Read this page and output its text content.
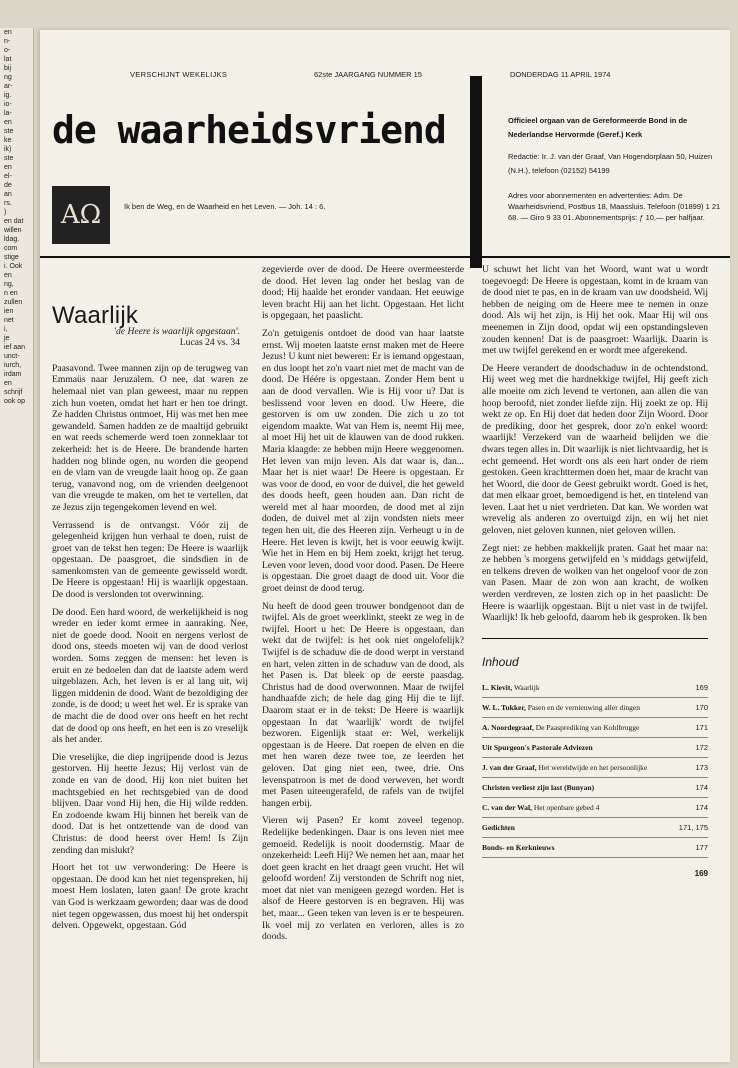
en
n-
o-
lat
bij
ng
ar-
ig.
io-
la-
en
ste
ke
ik)
ste
en
el-
de
an
rs.
)
en dat
willen
ldag.
com
stige
i. Ook
en
ng,
n en
zullen
ien
net
i,
je
ief aan
unct-
iurch,
irdam
en
schrijf
ook op
VERSCHIJNT WEKELIJKS	62ste JAARGANG NUMMER 15	DONDERDAG 11 APRIL 1974
de waarheidsvriend	Officieel orgaan van de Gereformeerde Bond in de Nederlandse Hervormde (Geref.) Kerk
Redactie: Ir. J. van der Graaf, Van Hogendorplaan 50, Huizen (N.H.), telefoon (02152) 54199
Adres voor abonnementen en advertenties: Adm. De Waarheidsvriend, Postbus 18, Maassluis. Telefoon (01899) 1 21 68. — Giro 9 33 01. Abonnementsprijs: ƒ 10,— per halfjaar.
AΩ	Ik ben de Weg, en de Waarheid en het Leven. — Joh. 14 : 6.
Waarlijk
'de Heere is waarlijk opgestaan'.
Lucas 24 vs. 34

Paasavond. Twee mannen zijn op de terugweg van Emmaüs naar Jeruzalem. O nee, dat waren ze helemaal niet van plan geweest, maar nu reppen zich hun voeten, omdat het hart er hen toe dringt. Ze hadden Christus ontmoet, Hij was met hen mee gewandeld. Samen hadden ze de maaltijd gebruikt en wat reeds schemerde werd toen zonneklaar tot zekerheid: het is de Heere. De brandende harten hadden nog blinde ogen, nu worden die geopend en de vlam van de vreugde laait hoog op. Ze gaan terug, vanavond nog, om de vrienden deelgenoot van die vreugde te maken, om het te vertellen, dat ze Jezus zijn tegengekomen levend en wel.

Verrassend is de ontvangst. Vóór zij de gelegenheid krijgen hun verhaal te doen, ruist de groet van de tekst hen tegen: De Heere is waarlijk opgestaan. De paasgroet, die sindsdien in de samenkomsten van de gemeente gewisseld wordt. De Heere is opgestaan! Hij is waarlijk opgestaan. De dood is verslonden tot overwinning.

De dood. Een hard woord, de werkelijkheid is nog wreder en ieder komt ermee in aanraking. Nee, niet de goede dood. Nooit en nergens verlost de dood ons, steeds moeten wij van de dood verlost worden. Soms zeggen de mensen: het leven is eruit en ze bedoelen dan dat de laatste adem werd uitgeblazen. Ach, het leven is er al lang uit, wij liggen middenin de dood. Want de bezoldiging der zonde, is de dood; u weet het wel. Er is sprake van de macht die de dood over ons heeft en het recht dat de dood op ons heeft, en het een is zo vreselijk als het ander.

Die vreselijke, die diep ingrijpende dood is Jezus gestorven. Hij heette Jezus; Hij verlost van de zonde en van de dood. Hij kon niet buiten het machtsgebied en het rechtsgebied van de dood blijven. Daar vond Hij hen, die Hij wilde redden. En zodoende kwam Hij binnen het bereik van de dood. Dat is het ontzettende van de dood van Christus: de dood heerst over Hem! Is Zijn zending dan mislukt?

Hoort het tot uw verwondering: De Heere is opgestaan. De dood kan het niet tegenspreken, hij moest Hem loslaten, laten gaan! De grote kracht van God is werkzaam geworden; daar was de dood niet tegen opgewassen, dus moest hij het onderspit delven. Opgewekt, opgestaan. Gód

zegevierde over de dood. De Heere overmeesterde de dood. Het leven lag onder het beslag van de dood; Hij haalde het eronder vandaan. Het eeuwige leven bracht Hij aan het licht. Opgestaan. Het licht is opgegaan, het paaslicht.

Zo'n getuigenis ontdoet de dood van haar laatste ernst. Wij moeten laatste ernst maken met de Heere Jezus! U kunt niet beweren: Er is iemand opgestaan, en dus loopt het zo'n vaart niet met de macht van de dood. De Héére is opgestaan. Zonder Hem bent u aan de dood vervallen. Wie is Hij voor u? Dat is beslissend voor leven en dood. Uw Heere, die gestorven is om uw zonden. Die zich u zo tot eigendom maakte. Wat van Hem is, neemt Hij mee, al moet Hij het uit de klauwen van de dood rukken. Maria klaagde: ze hebben mijn Heere weggenomen. Het leven van mijn leven. Als dat waar is, dan... Maar het is niet waar! De Heere is opgestaan. Er was voor de dood, en voor de duivel, die het geweld des doods heeft, geen houden aan. Dan richt de wereld met al haar moorden, de dood met al zijn doden, de duivel met al zijn vondsten niets meer tegen hen uit, die des Heeren zijn. Verheugt u in de Heere. Het leven is kwijt, het is voor eeuwig kwijt. Wie het in Hem en bij Hem zoekt, krijgt het terug. Leven voor leven, dood voor dood. Pasen. De Heere is opgestaan. Die groet daagt de dood uit. Voor die groet deinst de dood terug.

Nu heeft de dood geen trouwer bondgenoot dan de twijfel. Als de groet weerklinkt, steekt ze weg in de twijfel. Hoort u het: De Heere is opgestaan, dan wekt dat de twijfel: is het ook niet ongelofelijk? Twijfel is de schaduw die de dood werpt in verstand en hart, velen zitten in de schaduw van de dood, als het Pasen is. Dat bleek op de eerste paasdag. Christus had de dood overwonnen. Maar de twijfel handhaafde zich; de hele dag ging Hij die te lijf. Daarom staat er in de tekst: De Heere is waarlijk opgestaan In dat 'waarlijk' wordt de twijfel bezworen. Eigenlijk staat er: Wel, werkelijk opgestaan is de Heere. Dat roepen de elven en die met hen waren deze twee toe, ze leerden het geloven. Dat ging niet een, twee, drie. Ons levenspatroon is met de dood verweven, het wordt met Pasen uiteengerafeld, de rafels van de twijfel hangen erbij.

Vieren wij Pasen? Er komt zoveel tegenop. Redelijke bedenkingen. Daar is ons leven niet mee gemoeid. Redelijk is nooit doodernstig. Maar de onzekerheid: Leeft Hij? We nemen het aan, maar het doet geen kracht en het draagt geen vrucht. Het wil geloofd worden! Zij verstonden de Schrift nog niet, moet dat niet van menigeen gezegd worden. Het is alsof de Heere gestorven is en begraven. Hij was het, maar... Geen teken van leven is er te bespeuren. Ik voel mij zo verlaten en verloren, alles is zo doods.

U schuwt het licht van het Woord, want wat u wordt toegevoegd: De Heere is opgestaan, komt in de kraam van de dood niet te pas, en in de kraam van uw doodsheid. Wij hebben de neiging om de Heere mee te nemen in onze dood. Als wij het zijn, is Hij het ook. Maar Hij wil ons meenemen in Zijn dood, opdat wij een opstandingsleven zouden kennen! Dat is de paasgroet: Waarlijk. Daarin is met uw twijfel gerekend en er wordt mee afgerekend.

De Heere verandert de doodschaduw in de ochtendstond. Hij weet weg met die hardnekkige twijfel, Hij geeft zich alle moeite om zich levend te vertonen, aan allen die van hoop beroofd, niet zonder liefde zijn. Hij zoekt ze op. Hij wekt ze op. En Hij doet dat heden door Zijn Woord. Door de prediking, door het gesprek, door zo'n enkel woord: waarlijk! Verzekerd van de waarheid belijden we die dwars tegen alles in. Dit waarlijk is niet lichtvaardig, het is echt gemeend. Het wordt ons als een hart onder de riem gestoken. Geen krachttermen doen het, maar de kracht van het Woord, die door de Geest gebruikt wordt. Goed is het, dat men elkaar groet, bemoedigend is het, en tintelend van leven. Laat het u niet verdrieten. Dat kan. We worden wat wrevelig als anderen zo overtuigd zijn, en wij het niet geloven, niet geloven kunnen, niet geloven willen.

Zegt niet: ze hebben makkelijk praten. Gaat het maar na: ze hebben 's morgens getwijfeld en 's middags getwijfeld, en telkens dreven de wolken van het ongeloof voor de zon van Pasen. Maar de zon won aan kracht, de wolken werden verdreven, ze losten zich op in het paaslicht: De Heere is waarlijk opgestaan. Bijt u niet vast in de twijfel. Waarlijk! Ik heb geloofd, daarom heb ik gesproken. Ik ben

Inhoud
L. Kievit, Waarlijk	169
W. L. Tukker, Pasen en de vernieuwing aller dingen	170
A. Noordegraaf, De Paasprediking van Kohlbrugge	171
Uit Spurgeon's Pastorale Adviezen	172
J. van der Graaf, Het wereldwijde en het persoonlijke	173
Christen verliest zijn last (Bunyan)	174
C. van der Wal, Het openbare gebed 4	174
Gedichten	171, 175
Bonds- en Kerknieuws	177
169
